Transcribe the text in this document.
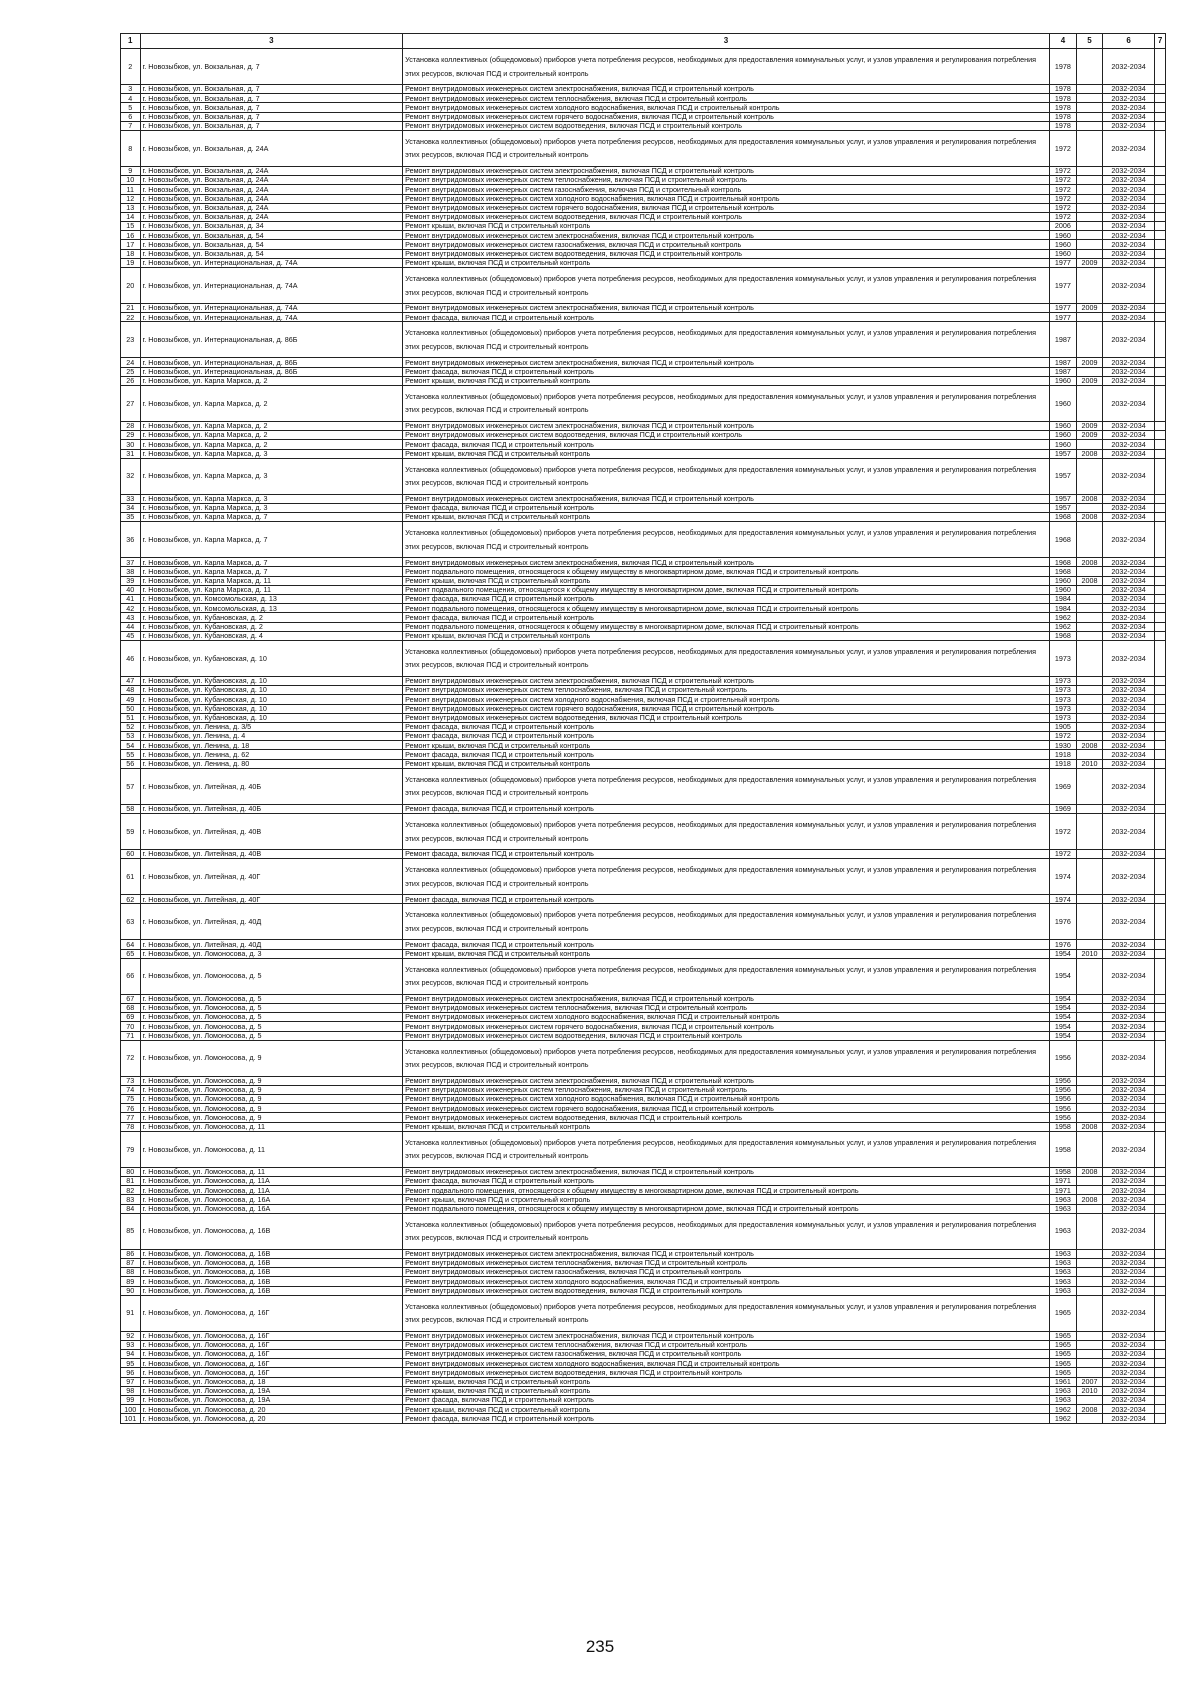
1	3	3	4	5	6	7
2	г. Новозыбков, ул. Вокзальная, д. 7	Установка коллективных (общедомовых) приборов учета потребления ресурсов, необходимых для предоставления коммунальных услуг, и узлов управления и регулирования потребления этих ресурсов, включая ПСД и строительный контроль	1978		2032-2034	
3	г. Новозыбков, ул. Вокзальная, д. 7	Ремонт внутридомовых инженерных систем электроснабжения, включая ПСД и строительный контроль	1978		2032-2034	
4	г. Новозыбков, ул. Вокзальная, д. 7	Ремонт внутридомовых инженерных систем теплоснабжения, включая ПСД и строительный контроль	1978		2032-2034	
5	г. Новозыбков, ул. Вокзальная, д. 7	Ремонт внутридомовых инженерных систем холодного водоснабжения, включая ПСД и строительный контроль	1978		2032-2034	
6	г. Новозыбков, ул. Вокзальная, д. 7	Ремонт внутридомовых инженерных систем горячего водоснабжения, включая ПСД и строительный контроль	1978		2032-2034	
7	г. Новозыбков, ул. Вокзальная, д. 7	Ремонт внутридомовых инженерных систем водоотведения, включая ПСД и строительный контроль	1978		2032-2034	
8	г. Новозыбков, ул. Вокзальная, д. 24А	Установка коллективных (общедомовых) приборов учета потребления ресурсов, необходимых для предоставления коммунальных услуг, и узлов управления и регулирования потребления этих ресурсов, включая ПСД и строительный контроль	1972		2032-2034	
9	г. Новозыбков, ул. Вокзальная, д. 24А	Ремонт внутридомовых инженерных систем электроснабжения, включая ПСД и строительный контроль	1972		2032-2034	
10	г. Новозыбков, ул. Вокзальная, д. 24А	Ремонт внутридомовых инженерных систем теплоснабжения, включая ПСД и строительный контроль	1972		2032-2034	
11	г. Новозыбков, ул. Вокзальная, д. 24А	Ремонт внутридомовых инженерных систем газоснабжения, включая ПСД и строительный контроль	1972		2032-2034	
12	г. Новозыбков, ул. Вокзальная, д. 24А	Ремонт внутридомовых инженерных систем холодного водоснабжения, включая ПСД и строительный контроль	1972		2032-2034	
13	г. Новозыбков, ул. Вокзальная, д. 24А	Ремонт внутридомовых инженерных систем горячего водоснабжения, включая ПСД и строительный контроль	1972		2032-2034	
14	г. Новозыбков, ул. Вокзальная, д. 24А	Ремонт внутридомовых инженерных систем водоотведения, включая ПСД и строительный контроль	1972		2032-2034	
15	г. Новозыбков, ул. Вокзальная, д. 34	Ремонт крыши, включая ПСД и строительный контроль	2006		2032-2034	
16	г. Новозыбков, ул. Вокзальная, д. 54	Ремонт внутридомовых инженерных систем электроснабжения, включая ПСД и строительный контроль	1960		2032-2034	
17	г. Новозыбков, ул. Вокзальная, д. 54	Ремонт внутридомовых инженерных систем газоснабжения, включая ПСД и строительный контроль	1960		2032-2034	
18	г. Новозыбков, ул. Вокзальная, д. 54	Ремонт внутридомовых инженерных систем водоотведения, включая ПСД и строительный контроль	1960		2032-2034	
19	г. Новозыбков, ул. Интернациональная, д. 74А	Ремонт крыши, включая ПСД и строительный контроль	1977	2009	2032-2034	
20	г. Новозыбков, ул. Интернациональная, д. 74А	Установка коллективных (общедомовых) приборов учета потребления ресурсов, необходимых для предоставления коммунальных услуг, и узлов управления и регулирования потребления этих ресурсов, включая ПСД и строительный контроль	1977		2032-2034	
21	г. Новозыбков, ул. Интернациональная, д. 74А	Ремонт внутридомовых инженерных систем электроснабжения, включая ПСД и строительный контроль	1977	2009	2032-2034	
22	г. Новозыбков, ул. Интернациональная, д. 74А	Ремонт фасада, включая ПСД и строительный контроль	1977		2032-2034	
23	г. Новозыбков, ул. Интернациональная, д. 86Б	Установка коллективных (общедомовых) приборов учета потребления ресурсов, необходимых для предоставления коммунальных услуг, и узлов управления и регулирования потребления этих ресурсов, включая ПСД и строительный контроль	1987		2032-2034	
24	г. Новозыбков, ул. Интернациональная, д. 86Б	Ремонт внутридомовых инженерных систем электроснабжения, включая ПСД и строительный контроль	1987	2009	2032-2034	
25	г. Новозыбков, ул. Интернациональная, д. 86Б	Ремонт фасада, включая ПСД и строительный контроль	1987		2032-2034	
26	г. Новозыбков, ул. Карла Маркса, д. 2	Ремонт крыши, включая ПСД и строительный контроль	1960	2009	2032-2034	
27	г. Новозыбков, ул. Карла Маркса, д. 2	Установка коллективных (общедомовых) приборов учета потребления ресурсов, необходимых для предоставления коммунальных услуг, и узлов управления и регулирования потребления этих ресурсов, включая ПСД и строительный контроль	1960		2032-2034	
28	г. Новозыбков, ул. Карла Маркса, д. 2	Ремонт внутридомовых инженерных систем электроснабжения, включая ПСД и строительный контроль	1960	2009	2032-2034	
29	г. Новозыбков, ул. Карла Маркса, д. 2	Ремонт внутридомовых инженерных систем водоотведения, включая ПСД и строительный контроль	1960	2009	2032-2034	
30	г. Новозыбков, ул. Карла Маркса, д. 2	Ремонт фасада, включая ПСД и строительный контроль	1960		2032-2034	
31	г. Новозыбков, ул. Карла Маркса, д. 3	Ремонт крыши, включая ПСД и строительный контроль	1957	2008	2032-2034	
32	г. Новозыбков, ул. Карла Маркса, д. 3	Установка коллективных (общедомовых) приборов учета потребления ресурсов, необходимых для предоставления коммунальных услуг, и узлов управления и регулирования потребления этих ресурсов, включая ПСД и строительный контроль	1957		2032-2034	
33	г. Новозыбков, ул. Карла Маркса, д. 3	Ремонт внутридомовых инженерных систем электроснабжения, включая ПСД и строительный контроль	1957	2008	2032-2034	
34	г. Новозыбков, ул. Карла Маркса, д. 3	Ремонт фасада, включая ПСД и строительный контроль	1957		2032-2034	
35	г. Новозыбков, ул. Карла Маркса, д. 7	Ремонт крыши, включая ПСД и строительный контроль	1968	2008	2032-2034	
36	г. Новозыбков, ул. Карла Маркса, д. 7	Установка коллективных (общедомовых) приборов учета потребления ресурсов, необходимых для предоставления коммунальных услуг, и узлов управления и регулирования потребления этих ресурсов, включая ПСД и строительный контроль	1968		2032-2034	
37	г. Новозыбков, ул. Карла Маркса, д. 7	Ремонт внутридомовых инженерных систем электроснабжения, включая ПСД и строительный контроль	1968	2008	2032-2034	
38	г. Новозыбков, ул. Карла Маркса, д. 7	Ремонт подвального помещения, относящегося к общему имуществу в многоквартирном доме, включая ПСД и строительный контроль	1968		2032-2034	
39	г. Новозыбков, ул. Карла Маркса, д. 11	Ремонт крыши, включая ПСД и строительный контроль	1960	2008	2032-2034	
40	г. Новозыбков, ул. Карла Маркса, д. 11	Ремонт подвального помещения, относящегося к общему имуществу в многоквартирном доме, включая ПСД и строительный контроль	1960		2032-2034	
41	г. Новозыбков, ул. Комсомольская, д. 13	Ремонт фасада, включая ПСД и строительный контроль	1984		2032-2034	
42	г. Новозыбков, ул. Комсомольская, д. 13	Ремонт подвального помещения, относящегося к общему имуществу в многоквартирном доме, включая ПСД и строительный контроль	1984		2032-2034	
43	г. Новозыбков, ул. Кубановская, д. 2	Ремонт фасада, включая ПСД и строительный контроль	1962		2032-2034	
44	г. Новозыбков, ул. Кубановская, д. 2	Ремонт подвального помещения, относящегося к общему имуществу в многоквартирном доме, включая ПСД и строительный контроль	1962		2032-2034	
45	г. Новозыбков, ул. Кубановская, д. 4	Ремонт крыши, включая ПСД и строительный контроль	1968		2032-2034	
46	г. Новозыбков, ул. Кубановская, д. 10	Установка коллективных (общедомовых) приборов учета потребления ресурсов, необходимых для предоставления коммунальных услуг, и узлов управления и регулирования потребления этих ресурсов, включая ПСД и строительный контроль	1973		2032-2034	
47	г. Новозыбков, ул. Кубановская, д. 10	Ремонт внутридомовых инженерных систем электроснабжения, включая ПСД и строительный контроль	1973		2032-2034	
48	г. Новозыбков, ул. Кубановская, д. 10	Ремонт внутридомовых инженерных систем теплоснабжения, включая ПСД и строительный контроль	1973		2032-2034	
49	г. Новозыбков, ул. Кубановская, д. 10	Ремонт внутридомовых инженерных систем холодного водоснабжения, включая ПСД и строительный контроль	1973		2032-2034	
50	г. Новозыбков, ул. Кубановская, д. 10	Ремонт внутридомовых инженерных систем горячего водоснабжения, включая ПСД и строительный контроль	1973		2032-2034	
51	г. Новозыбков, ул. Кубановская, д. 10	Ремонт внутридомовых инженерных систем водоотведения, включая ПСД и строительный контроль	1973		2032-2034	
52	г. Новозыбков, ул. Ленина, д. 3/5	Ремонт фасада, включая ПСД и строительный контроль	1905		2032-2034	
53	г. Новозыбков, ул. Ленина, д. 4	Ремонт фасада, включая ПСД и строительный контроль	1972		2032-2034	
54	г. Новозыбков, ул. Ленина, д. 18	Ремонт крыши, включая ПСД и строительный контроль	1930	2008	2032-2034	
55	г. Новозыбков, ул. Ленина, д. 62	Ремонт фасада, включая ПСД и строительный контроль	1918		2032-2034	
56	г. Новозыбков, ул. Ленина, д. 80	Ремонт крыши, включая ПСД и строительный контроль	1918	2010	2032-2034	
57	г. Новозыбков, ул. Литейная, д. 40Б	Установка коллективных (общедомовых) приборов учета потребления ресурсов, необходимых для предоставления коммунальных услуг, и узлов управления и регулирования потребления этих ресурсов, включая ПСД и строительный контроль	1969		2032-2034	
58	г. Новозыбков, ул. Литейная, д. 40Б	Ремонт фасада, включая ПСД и строительный контроль	1969		2032-2034	
59	г. Новозыбков, ул. Литейная, д. 40В	Установка коллективных (общедомовых) приборов учета потребления ресурсов, необходимых для предоставления коммунальных услуг, и узлов управления и регулирования потребления этих ресурсов, включая ПСД и строительный контроль	1972		2032-2034	
60	г. Новозыбков, ул. Литейная, д. 40В	Ремонт фасада, включая ПСД и строительный контроль	1972		2032-2034	
61	г. Новозыбков, ул. Литейная, д. 40Г	Установка коллективных (общедомовых) приборов учета потребления ресурсов, необходимых для предоставления коммунальных услуг, и узлов управления и регулирования потребления этих ресурсов, включая ПСД и строительный контроль	1974		2032-2034	
62	г. Новозыбков, ул. Литейная, д. 40Г	Ремонт фасада, включая ПСД и строительный контроль	1974		2032-2034	
63	г. Новозыбков, ул. Литейная, д. 40Д	Установка коллективных (общедомовых) приборов учета потребления ресурсов, необходимых для предоставления коммунальных услуг, и узлов управления и регулирования потребления этих ресурсов, включая ПСД и строительный контроль	1976		2032-2034	
64	г. Новозыбков, ул. Литейная, д. 40Д	Ремонт фасада, включая ПСД и строительный контроль	1976		2032-2034	
65	г. Новозыбков, ул. Ломоносова, д. 3	Ремонт крыши, включая ПСД и строительный контроль	1954	2010	2032-2034	
66	г. Новозыбков, ул. Ломоносова, д. 5	Установка коллективных (общедомовых) приборов учета потребления ресурсов, необходимых для предоставления коммунальных услуг, и узлов управления и регулирования потребления этих ресурсов, включая ПСД и строительный контроль	1954		2032-2034	
67	г. Новозыбков, ул. Ломоносова, д. 5	Ремонт внутридомовых инженерных систем электроснабжения, включая ПСД и строительный контроль	1954		2032-2034	
68	г. Новозыбков, ул. Ломоносова, д. 5	Ремонт внутридомовых инженерных систем теплоснабжения, включая ПСД и строительный контроль	1954		2032-2034	
69	г. Новозыбков, ул. Ломоносова, д. 5	Ремонт внутридомовых инженерных систем холодного водоснабжения, включая ПСД и строительный контроль	1954		2032-2034	
70	г. Новозыбков, ул. Ломоносова, д. 5	Ремонт внутридомовых инженерных систем горячего водоснабжения, включая ПСД и строительный контроль	1954		2032-2034	
71	г. Новозыбков, ул. Ломоносова, д. 5	Ремонт внутридомовых инженерных систем водоотведения, включая ПСД и строительный контроль	1954		2032-2034	
72	г. Новозыбков, ул. Ломоносова, д. 9	Установка коллективных (общедомовых) приборов учета потребления ресурсов, необходимых для предоставления коммунальных услуг, и узлов управления и регулирования потребления этих ресурсов, включая ПСД и строительный контроль	1956		2032-2034	
73	г. Новозыбков, ул. Ломоносова, д. 9	Ремонт внутридомовых инженерных систем электроснабжения, включая ПСД и строительный контроль	1956		2032-2034	
74	г. Новозыбков, ул. Ломоносова, д. 9	Ремонт внутридомовых инженерных систем теплоснабжения, включая ПСД и строительный контроль	1956		2032-2034	
75	г. Новозыбков, ул. Ломоносова, д. 9	Ремонт внутридомовых инженерных систем холодного водоснабжения, включая ПСД и строительный контроль	1956		2032-2034	
76	г. Новозыбков, ул. Ломоносова, д. 9	Ремонт внутридомовых инженерных систем горячего водоснабжения, включая ПСД и строительный контроль	1956		2032-2034	
77	г. Новозыбков, ул. Ломоносова, д. 9	Ремонт внутридомовых инженерных систем водоотведения, включая ПСД и строительный контроль	1956		2032-2034	
78	г. Новозыбков, ул. Ломоносова, д. 11	Ремонт крыши, включая ПСД и строительный контроль	1958	2008	2032-2034	
79	г. Новозыбков, ул. Ломоносова, д. 11	Установка коллективных (общедомовых) приборов учета потребления ресурсов, необходимых для предоставления коммунальных услуг, и узлов управления и регулирования потребления этих ресурсов, включая ПСД и строительный контроль	1958		2032-2034	
80	г. Новозыбков, ул. Ломоносова, д. 11	Ремонт внутридомовых инженерных систем электроснабжения, включая ПСД и строительный контроль	1958	2008	2032-2034	
81	г. Новозыбков, ул. Ломоносова, д. 11А	Ремонт фасада, включая ПСД и строительный контроль	1971		2032-2034	
82	г. Новозыбков, ул. Ломоносова, д. 11А	Ремонт подвального помещения, относящегося к общему имуществу в многоквартирном доме, включая ПСД и строительный контроль	1971		2032-2034	
83	г. Новозыбков, ул. Ломоносова, д. 16А	Ремонт крыши, включая ПСД и строительный контроль	1963	2008	2032-2034	
84	г. Новозыбков, ул. Ломоносова, д. 16А	Ремонт подвального помещения, относящегося к общему имуществу в многоквартирном доме, включая ПСД и строительный контроль	1963		2032-2034	
85	г. Новозыбков, ул. Ломоносова, д. 16В	Установка коллективных (общедомовых) приборов учета потребления ресурсов, необходимых для предоставления коммунальных услуг, и узлов управления и регулирования потребления этих ресурсов, включая ПСД и строительный контроль	1963		2032-2034	
86	г. Новозыбков, ул. Ломоносова, д. 16В	Ремонт внутридомовых инженерных систем электроснабжения, включая ПСД и строительный контроль	1963		2032-2034	
87	г. Новозыбков, ул. Ломоносова, д. 16В	Ремонт внутридомовых инженерных систем теплоснабжения, включая ПСД и строительный контроль	1963		2032-2034	
88	г. Новозыбков, ул. Ломоносова, д. 16В	Ремонт внутридомовых инженерных систем газоснабжения, включая ПСД и строительный контроль	1963		2032-2034	
89	г. Новозыбков, ул. Ломоносова, д. 16В	Ремонт внутридомовых инженерных систем холодного водоснабжения, включая ПСД и строительный контроль	1963		2032-2034	
90	г. Новозыбков, ул. Ломоносова, д. 16В	Ремонт внутридомовых инженерных систем водоотведения, включая ПСД и строительный контроль	1963		2032-2034	
91	г. Новозыбков, ул. Ломоносова, д. 16Г	Установка коллективных (общедомовых) приборов учета потребления ресурсов, необходимых для предоставления коммунальных услуг, и узлов управления и регулирования потребления этих ресурсов, включая ПСД и строительный контроль	1965		2032-2034	
92	г. Новозыбков, ул. Ломоносова, д. 16Г	Ремонт внутридомовых инженерных систем электроснабжения, включая ПСД и строительный контроль	1965		2032-2034	
93	г. Новозыбков, ул. Ломоносова, д. 16Г	Ремонт внутридомовых инженерных систем теплоснабжения, включая ПСД и строительный контроль	1965		2032-2034	
94	г. Новозыбков, ул. Ломоносова, д. 16Г	Ремонт внутридомовых инженерных систем газоснабжения, включая ПСД и строительный контроль	1965		2032-2034	
95	г. Новозыбков, ул. Ломоносова, д. 16Г	Ремонт внутридомовых инженерных систем холодного водоснабжения, включая ПСД и строительный контроль	1965		2032-2034	
96	г. Новозыбков, ул. Ломоносова, д. 16Г	Ремонт внутридомовых инженерных систем водоотведения, включая ПСД и строительный контроль	1965		2032-2034	
97	г. Новозыбков, ул. Ломоносова, д. 18	Ремонт крыши, включая ПСД и строительный контроль	1961	2007	2032-2034	
98	г. Новозыбков, ул. Ломоносова, д. 19А	Ремонт крыши, включая ПСД и строительный контроль	1963	2010	2032-2034	
99	г. Новозыбков, ул. Ломоносова, д. 19А	Ремонт фасада, включая ПСД и строительный контроль	1963		2032-2034	
100	г. Новозыбков, ул. Ломоносова, д. 20	Ремонт крыши, включая ПСД и строительный контроль	1962	2008	2032-2034	
101	г. Новозыбков, ул. Ломоносова, д. 20	Ремонт фасада, включая ПСД и строительный контроль	1962		2032-2034	
235
